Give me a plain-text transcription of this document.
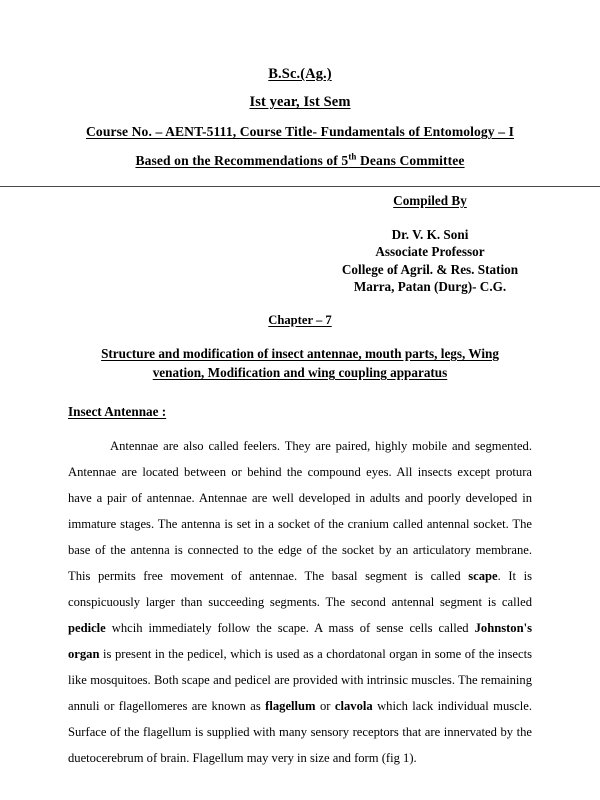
B.Sc.(Ag.)
Ist year, Ist Sem
Course No. – AENT-5111, Course Title- Fundamentals of Entomology – I
Based on the Recommendations of 5th Deans Committee
Compiled By
Dr. V. K. Soni
Associate Professor
College of Agril. & Res. Station
Marra, Patan (Durg)- C.G.
Chapter – 7
Structure and modification of insect antennae, mouth parts, legs, Wing venation, Modification and wing coupling apparatus
Insect Antennae :

Antennae are also called feelers. They are paired, highly mobile and segmented. Antennae are located between or behind the compound eyes. All insects except protura have a pair of antennae. Antennae are well developed in adults and poorly developed in immature stages. The antenna is set in a socket of the cranium called antennal socket. The base of the antenna is connected to the edge of the socket by an articulatory membrane. This permits free movement of antennae. The basal segment is called scape. It is conspicuously larger than succeeding segments. The second antennal segment is called pedicle whcih immediately follow the scape. A mass of sense cells called Johnston's organ is present in the pedicel, which is used as a chordatonal organ in some of the insects like mosquitoes. Both scape and pedicel are provided with intrinsic muscles. The remaining annuli or flagellomeres are known as flagellum or clavola which lack individual muscle. Surface of the flagellum is supplied with many sensory receptors that are innervated by the duetocerebrum of brain. Flagellum may very in size and form (fig 1).
